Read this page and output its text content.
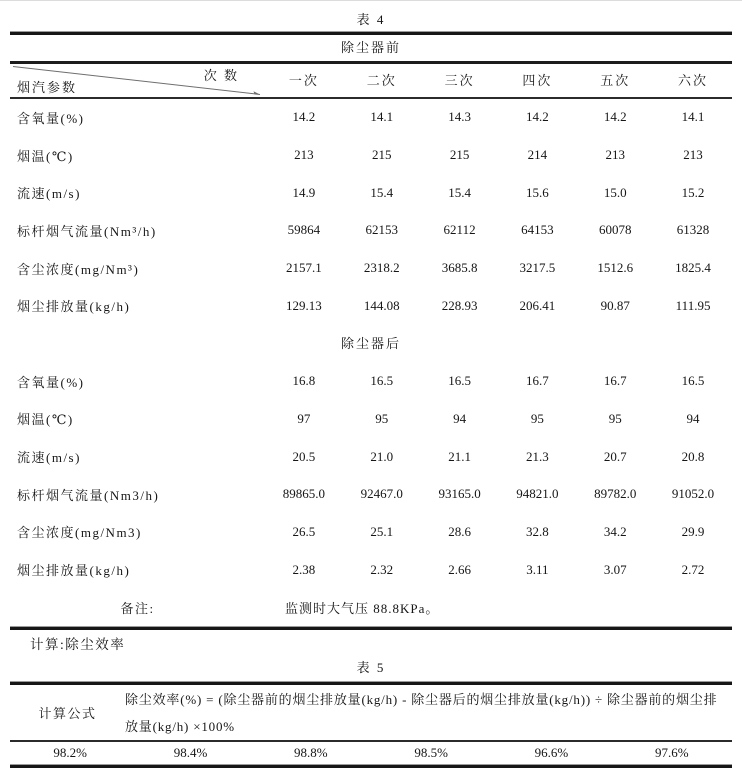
表 4
除尘器前
次 数
烟汽参数	一次	二次	三次	四次	五次	六次
含氧量(%)	14.2	14.1	14.3	14.2	14.2	14.1
烟温(℃)	213	215	215	214	213	213
流速(m/s)	14.9	15.4	15.4	15.6	15.0	15.2
标杆烟气流量(Nm³/h)	59864	62153	62112	64153	60078	61328
含尘浓度(mg/Nm³)	2157.1	2318.2	3685.8	3217.5	1512.6	1825.4
烟尘排放量(kg/h)	129.13	144.08	228.93	206.41	90.87	111.95
除尘器后
含氧量(%)	16.8	16.5	16.5	16.7	16.7	16.5
烟温(℃)	97	95	94	95	95	94
流速(m/s)	20.5	21.0	21.1	21.3	20.7	20.8
标杆烟气流量(Nm3/h)	89865.0	92467.0	93165.0	94821.0	89782.0	91052.0
含尘浓度(mg/Nm3)	26.5	25.1	28.6	32.8	34.2	29.9
烟尘排放量(kg/h)	2.38	2.32	2.66	3.11	3.07	2.72
备注:	监测时大气压 88.8KPa。
计算:除尘效率
表 5
计算公式
除尘效率(%) = (除尘器前的烟尘排放量(kg/h) - 除尘器后的烟尘排放量(kg/h)) ÷ 除尘器前的烟尘排放量(kg/h) ×100%
98.2%	98.4%	98.8%	98.5%	96.6%	97.6%
